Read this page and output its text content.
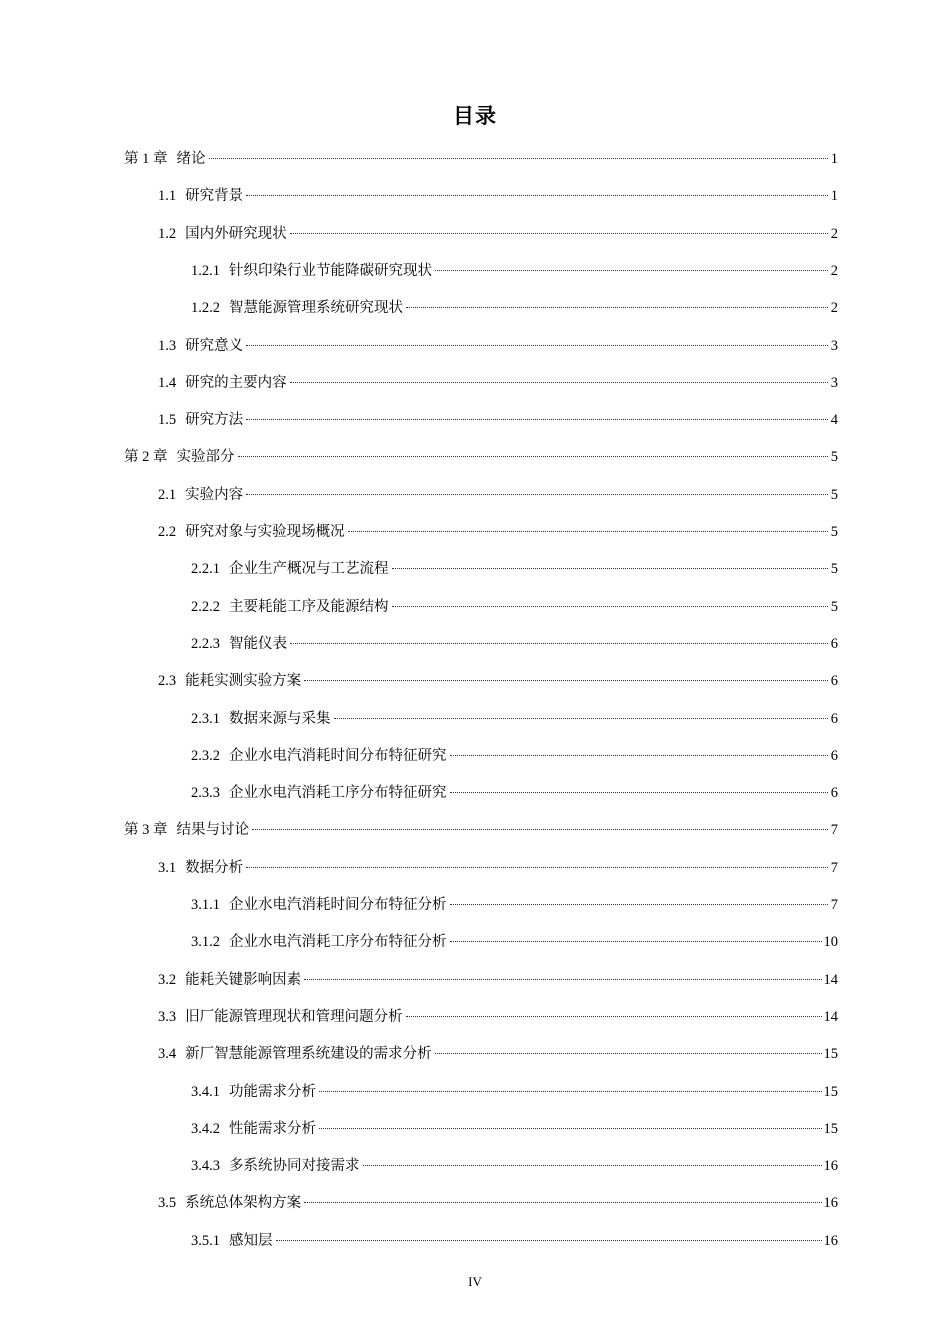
目录
第 1 章 绪论	1
1.1 研究背景	1
1.2 国内外研究现状	2
1.2.1 针织印染行业节能降碳研究现状	2
1.2.2 智慧能源管理系统研究现状	2
1.3 研究意义	3
1.4 研究的主要内容	3
1.5 研究方法	4
第 2 章 实验部分	5
2.1 实验内容	5
2.2 研究对象与实验现场概况	5
2.2.1 企业生产概况与工艺流程	5
2.2.2 主要耗能工序及能源结构	5
2.2.3 智能仪表	6
2.3 能耗实测实验方案	6
2.3.1 数据来源与采集	6
2.3.2 企业水电汽消耗时间分布特征研究	6
2.3.3 企业水电汽消耗工序分布特征研究	6
第 3 章 结果与讨论	7
3.1 数据分析	7
3.1.1 企业水电汽消耗时间分布特征分析	7
3.1.2 企业水电汽消耗工序分布特征分析	10
3.2 能耗关键影响因素	14
3.3 旧厂能源管理现状和管理问题分析	14
3.4 新厂智慧能源管理系统建设的需求分析	15
3.4.1 功能需求分析	15
3.4.2 性能需求分析	15
3.4.3 多系统协同对接需求	16
3.5 系统总体架构方案	16
3.5.1 感知层	16
IV
